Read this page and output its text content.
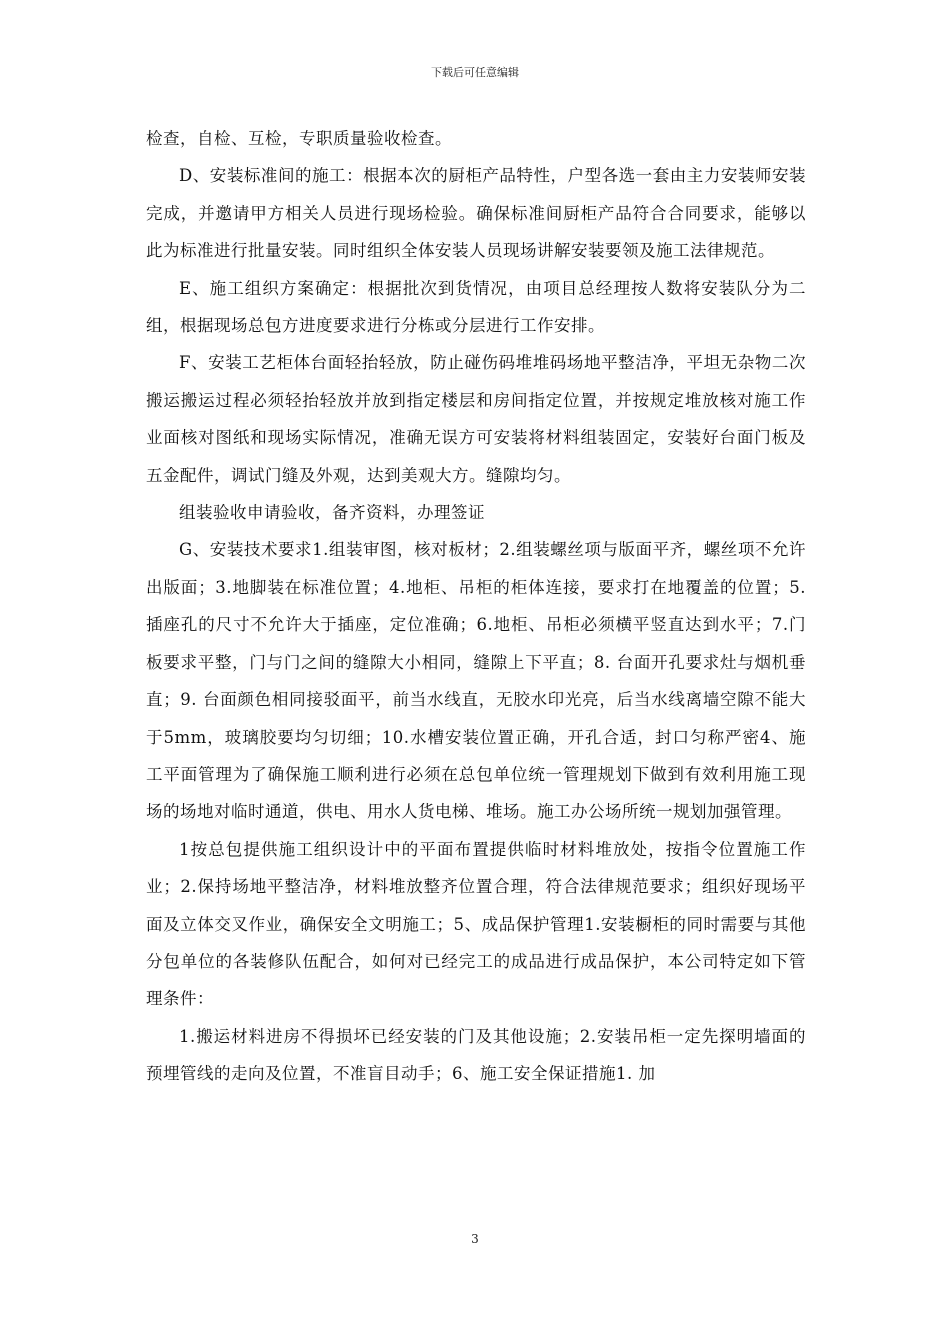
下载后可任意编辑

检查，自检、互检，专职质量验收检查。

D、安装标准间的施工：根据本次的厨柜产品特性，户型各选一套由主力安装师安装完成，并邀请甲方相关人员进行现场检验。确保标准间厨柜产品符合合同要求，能够以此为标准进行批量安装。同时组织全体安装人员现场讲解安装要领及施工法律规范。

E、施工组织方案确定：根据批次到货情况，由项目总经理按人数将安装队分为二组，根据现场总包方进度要求进行分栋或分层进行工作安排。

F、安装工艺柜体台面轻抬轻放，防止碰伤码堆堆码场地平整洁净，平坦无杂物二次搬运搬运过程必须轻抬轻放并放到指定楼层和房间指定位置，并按规定堆放核对施工作业面核对图纸和现场实际情况，准确无误方可安装将材料组装固定，安装好台面门板及五金配件，调试门缝及外观，达到美观大方。缝隙均匀。

组装验收申请验收，备齐资料，办理签证

G、安装技术要求1.组装审图，核对板材；2.组装螺丝项与版面平齐，螺丝项不允许出版面；3.地脚装在标准位置；4.地柜、吊柜的柜体连接，要求打在地覆盖的位置；5.插座孔的尺寸不允许大于插座，定位准确；6.地柜、吊柜必须横平竖直达到水平；7.门板要求平整，门与门之间的缝隙大小相同，缝隙上下平直；8. 台面开孔要求灶与烟机垂直；9. 台面颜色相同接驳面平，前当水线直，无胶水印光亮，后当水线离墙空隙不能大于5mm，玻璃胶要均匀切细；10.水槽安装位置正确，开孔合适，封口匀称严密4、施工平面管理为了确保施工顺利进行必须在总包单位统一管理规划下做到有效利用施工现场的场地对临时通道，供电、用水人货电梯、堆场。施工办公场所统一规划加强管理。

1按总包提供施工组织设计中的平面布置提供临时材料堆放处，按指令位置施工作业；2.保持场地平整洁净，材料堆放整齐位置合理，符合法律规范要求；组织好现场平面及立体交叉作业，确保安全文明施工；5、成品保护管理1.安装橱柜的同时需要与其他分包单位的各装修队伍配合，如何对已经完工的成品进行成品保护，本公司特定如下管理条件：

1.搬运材料进房不得损坏已经安装的门及其他设施；2.安装吊柜一定先探明墙面的预埋管线的走向及位置，不准盲目动手；6、施工安全保证措施1. 加

3
